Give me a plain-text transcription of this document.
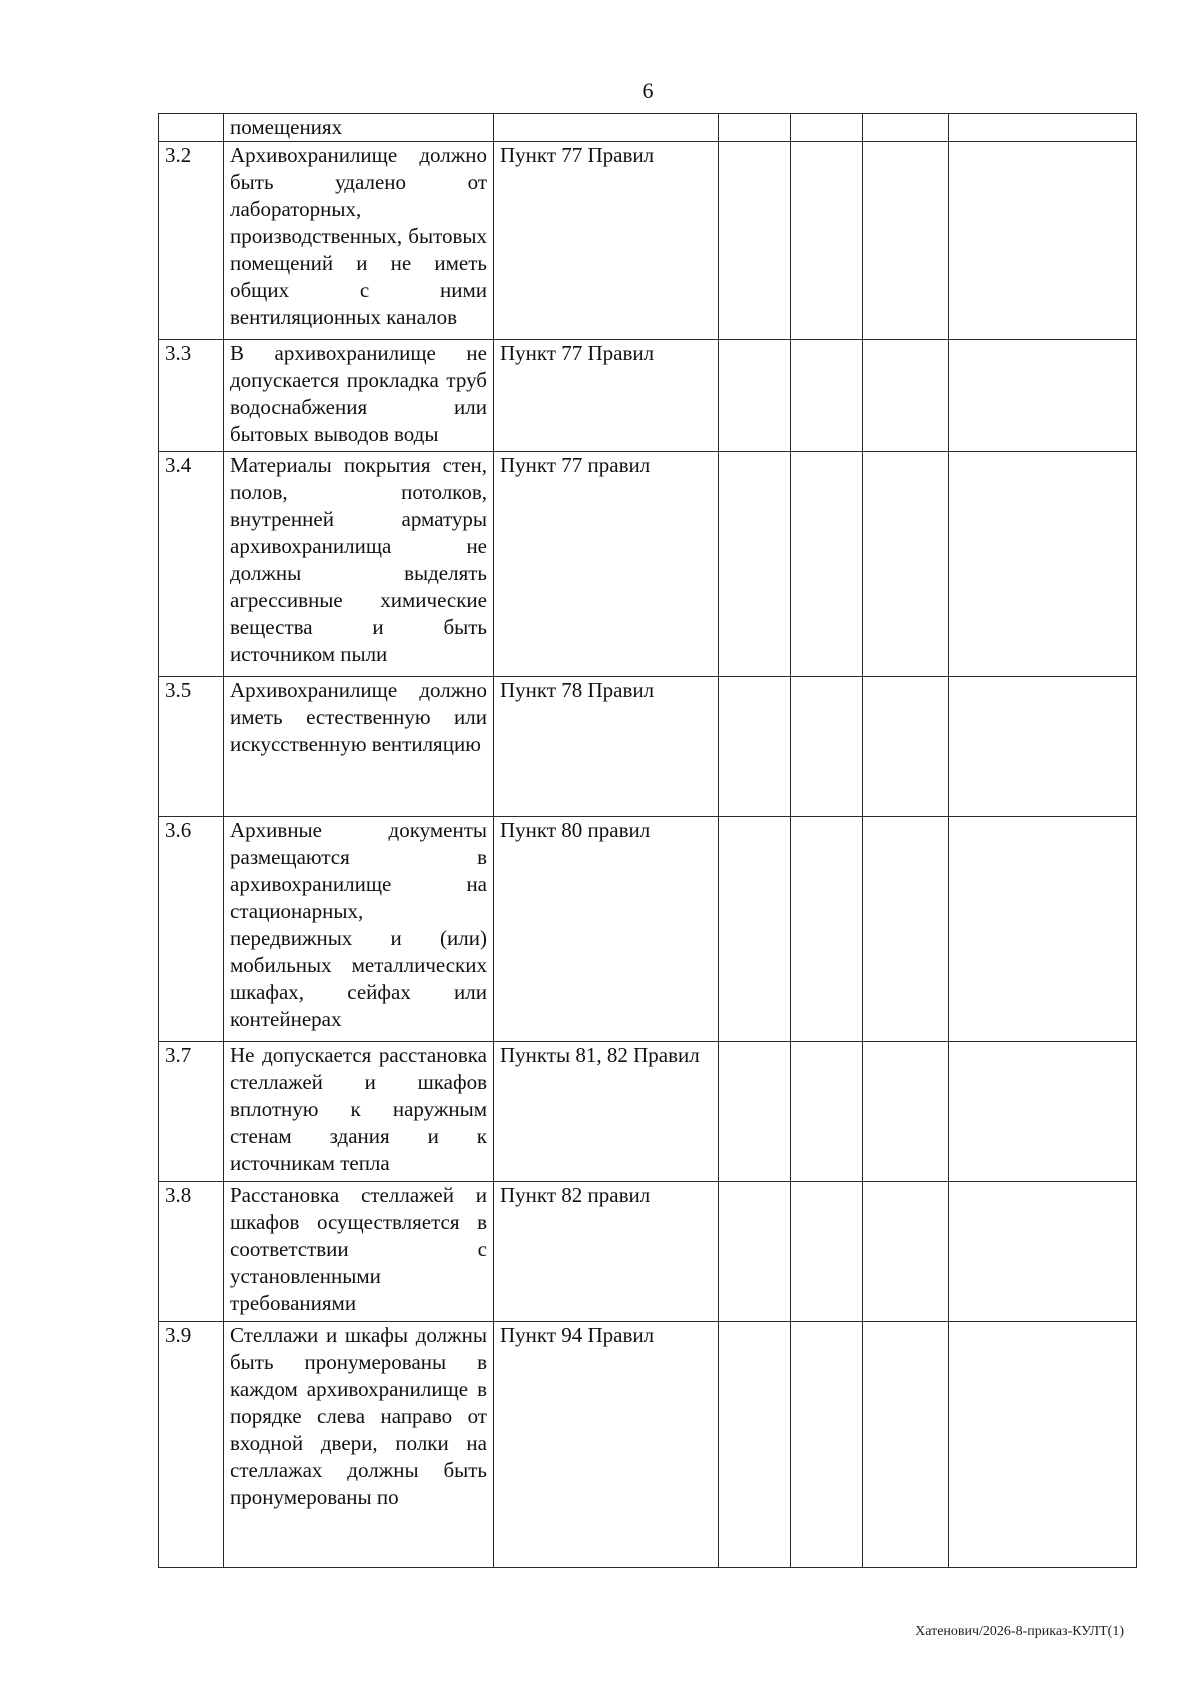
6
	помещениях					
3.2	Архивохранилище должно быть удалено от лабораторных, производственных, бытовых помещений и не иметь общих с ними вентиляционных каналов	Пункт 77 Правил				
3.3	В архивохранилище не допускается прокладка труб водоснабжения или бытовых выводов воды	Пункт 77 Правил				
3.4	Материалы покрытия стен, полов, потолков, внутренней арматуры архивохранилища не должны выделять агрессивные химические вещества и быть источником пыли	Пункт 77 правил				
3.5	Архивохранилище должно иметь естественную или искусственную вентиляцию	Пункт 78 Правил				
3.6	Архивные документы размещаются в архивохранилище на стационарных, передвижных и (или) мобильных металлических шкафах, сейфах или контейнерах	Пункт 80 правил				
3.7	Не допускается расстановка стеллажей и шкафов вплотную к наружным стенам здания и к источникам тепла	Пункты 81, 82 Правил				
3.8	Расстановка стеллажей и шкафов осуществляется в соответствии с установленными требованиями	Пункт 82 правил				
3.9	Стеллажи и шкафы должны быть пронумерованы в каждом архивохранилище в порядке слева направо от входной двери, полки на стеллажах должны быть пронумерованы по	Пункт 94 Правил				
Хатенович/2026-8-приказ-КУЛТ(1)
